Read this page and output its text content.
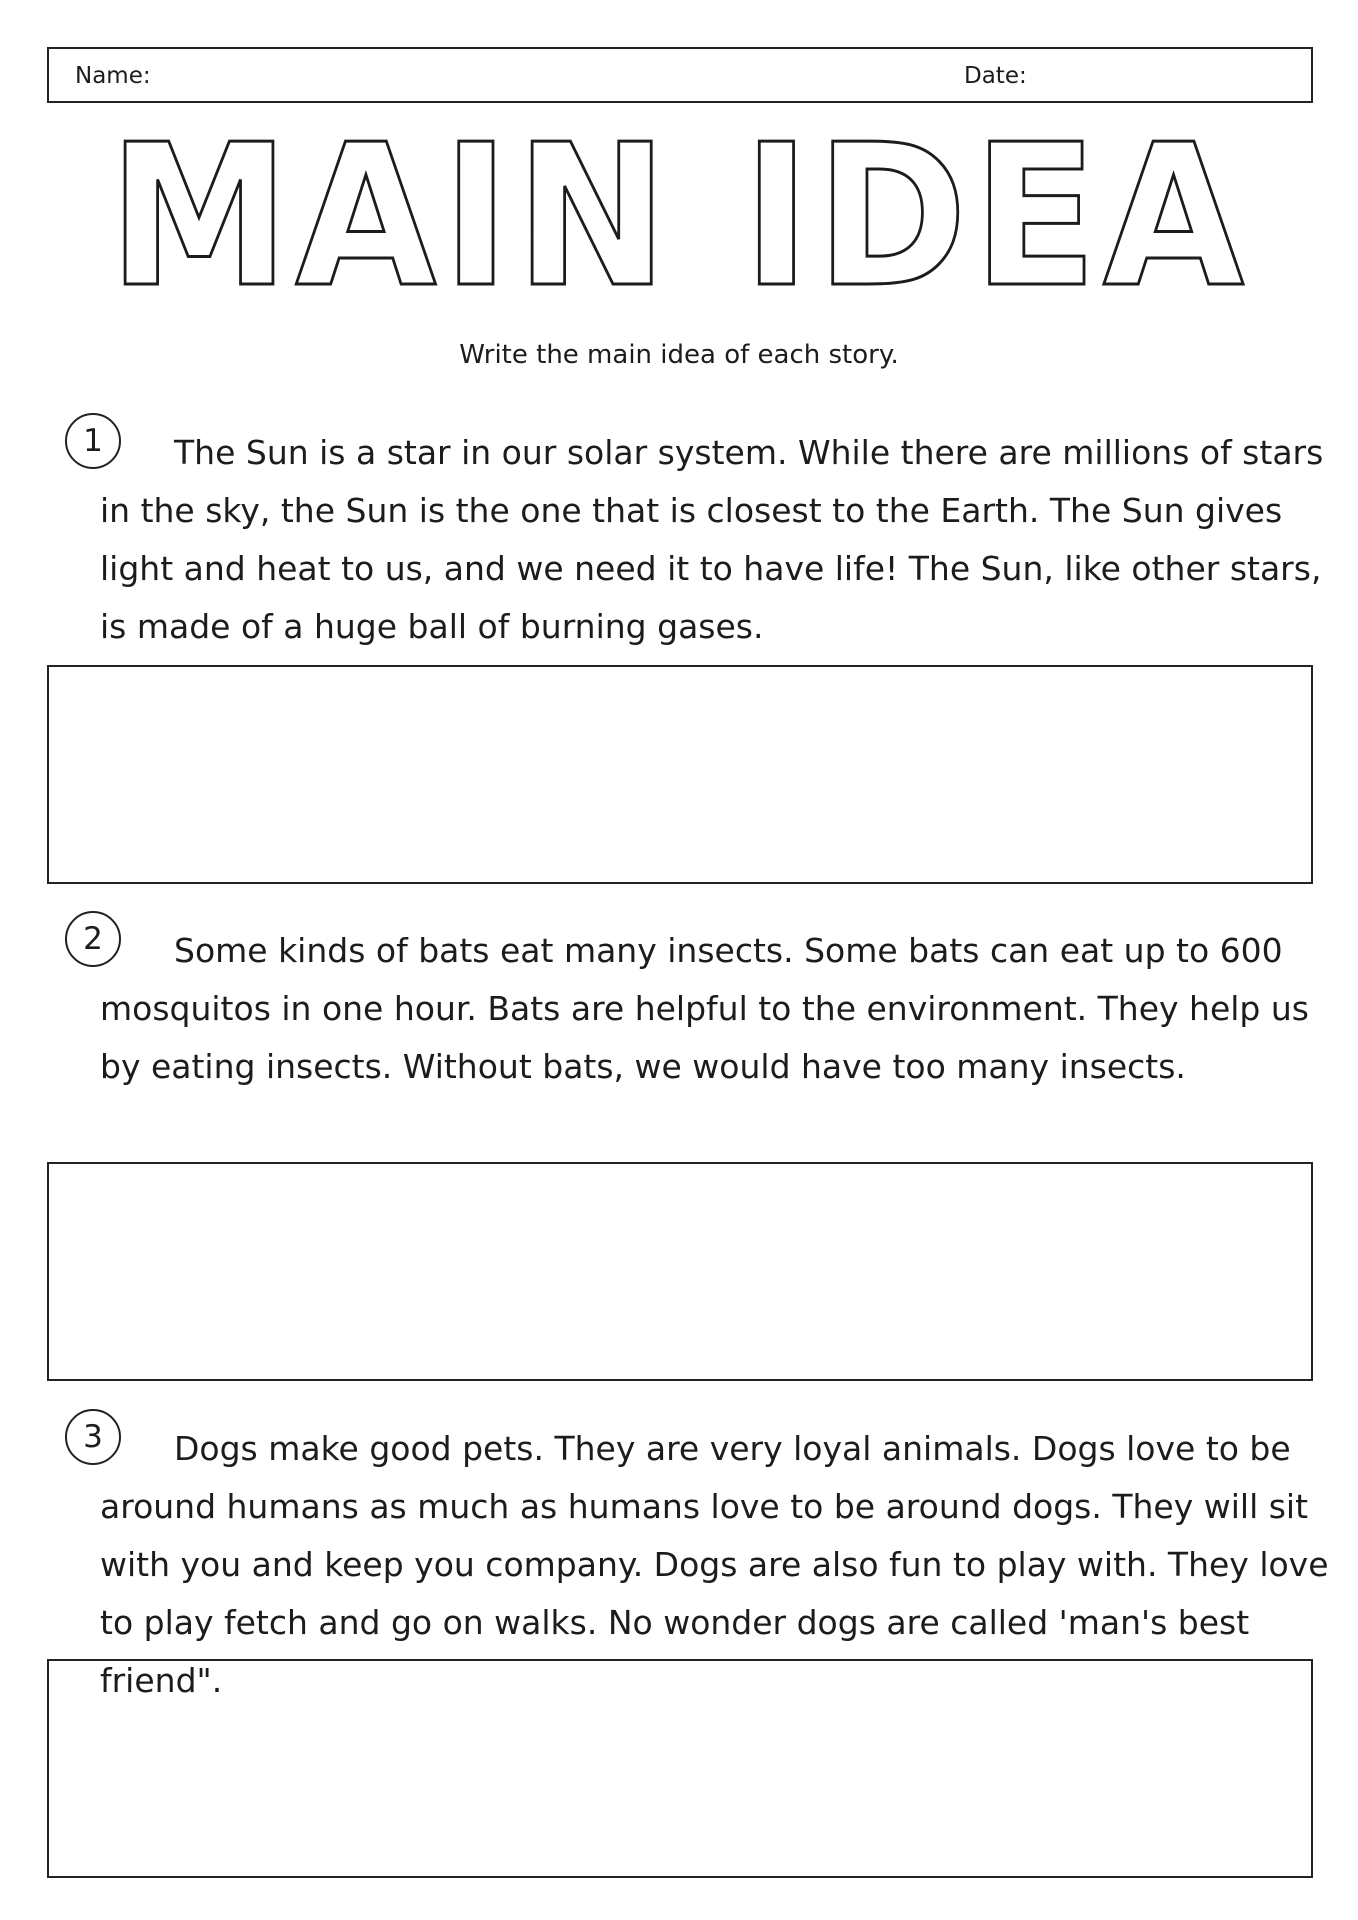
Name:	Date:
MAIN IDEA
Write the main idea of each story.
1	The Sun is a star in our solar system. While there are millions of stars in the sky, the Sun is the one that is closest to the Earth. The Sun gives light and heat to us, and we need it to have life! The Sun, like other stars, is made of a huge ball of burning gases.
2	Some kinds of bats eat many insects. Some bats can eat up to 600 mosquitos in one hour. Bats are helpful to the environment. They help us by eating insects. Without bats, we would have too many insects.
3	Dogs make good pets. They are very loyal animals. Dogs love to be around humans as much as humans love to be around dogs. They will sit with you and keep you company. Dogs are also fun to play with. They love to play fetch and go on walks. No wonder dogs are called 'man's best friend".
